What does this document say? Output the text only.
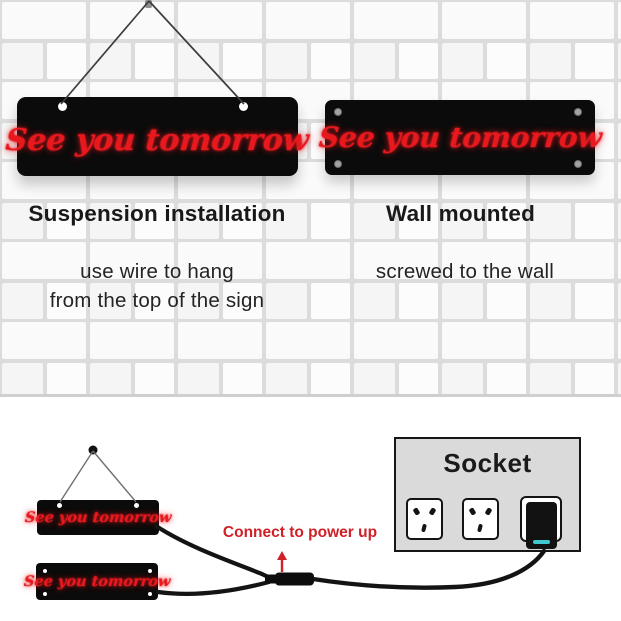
See you tomorrow See you tomorrow
Suspension installation
use wire to hang
from the top of the sign
Wall mounted
screwed to the wall
See you tomorrow
See you tomorrow
Connect to power up
Socket
